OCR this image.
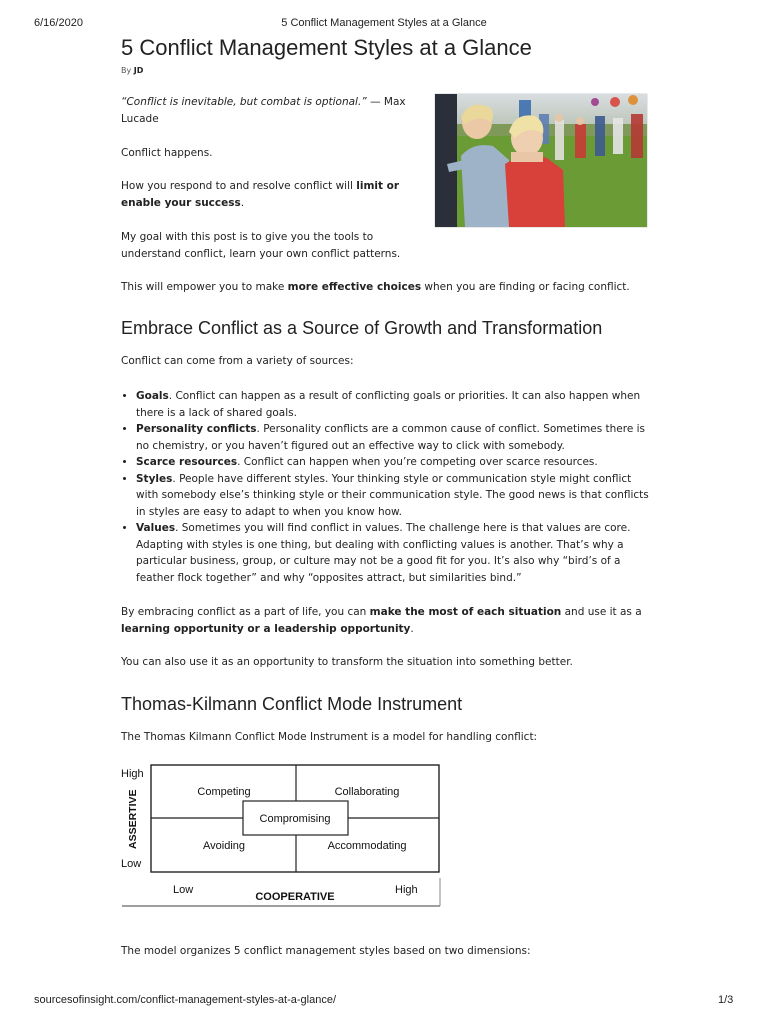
6/16/2020	5 Conflict Management Styles at a Glance
5 Conflict Management Styles at a Glance
By JD
“Conflict is inevitable, but combat is optional.” — Max Lucade
Conflict happens.
How you respond to and resolve conflict will limit or enable your success.
My goal with this post is to give you the tools to understand conflict, learn your own conflict patterns.
This will empower you to make more effective choices when you are finding or facing conflict.
Embrace Conflict as a Source of Growth and Transformation
Conflict can come from a variety of sources:
• Goals. Conflict can happen as a result of conflicting goals or priorities. It can also happen when there is a lack of shared goals.
• Personality conflicts. Personality conflicts are a common cause of conflict. Sometimes there is no chemistry, or you haven’t figured out an effective way to click with somebody.
• Scarce resources. Conflict can happen when you’re competing over scarce resources.
• Styles. People have different styles. Your thinking style or communication style might conflict with somebody else’s thinking style or their communication style. The good news is that conflicts in styles are easy to adapt to when you know how.
• Values. Sometimes you will find conflict in values. The challenge here is that values are core. Adapting with styles is one thing, but dealing with conflicting values is another. That’s why a particular business, group, or culture may not be a good fit for you. It’s also why “bird’s of a feather flock together” and why “opposites attract, but similarities bind.”
By embracing conflict as a part of life, you can make the most of each situation and use it as a learning opportunity or a leadership opportunity.
You can also use it as an opportunity to transform the situation into something better.
Thomas-Kilmann Conflict Mode Instrument
The Thomas Kilmann Conflict Mode Instrument is a model for handling conflict:
Competing	Collaborating
Compromising
Avoiding	Accommodating
High
Low
ASSERTIVE
Low	High
COOPERATIVE
The model organizes 5 conflict management styles based on two dimensions:
sourcesofinsight.com/conflict-management-styles-at-a-glance/	1/3
